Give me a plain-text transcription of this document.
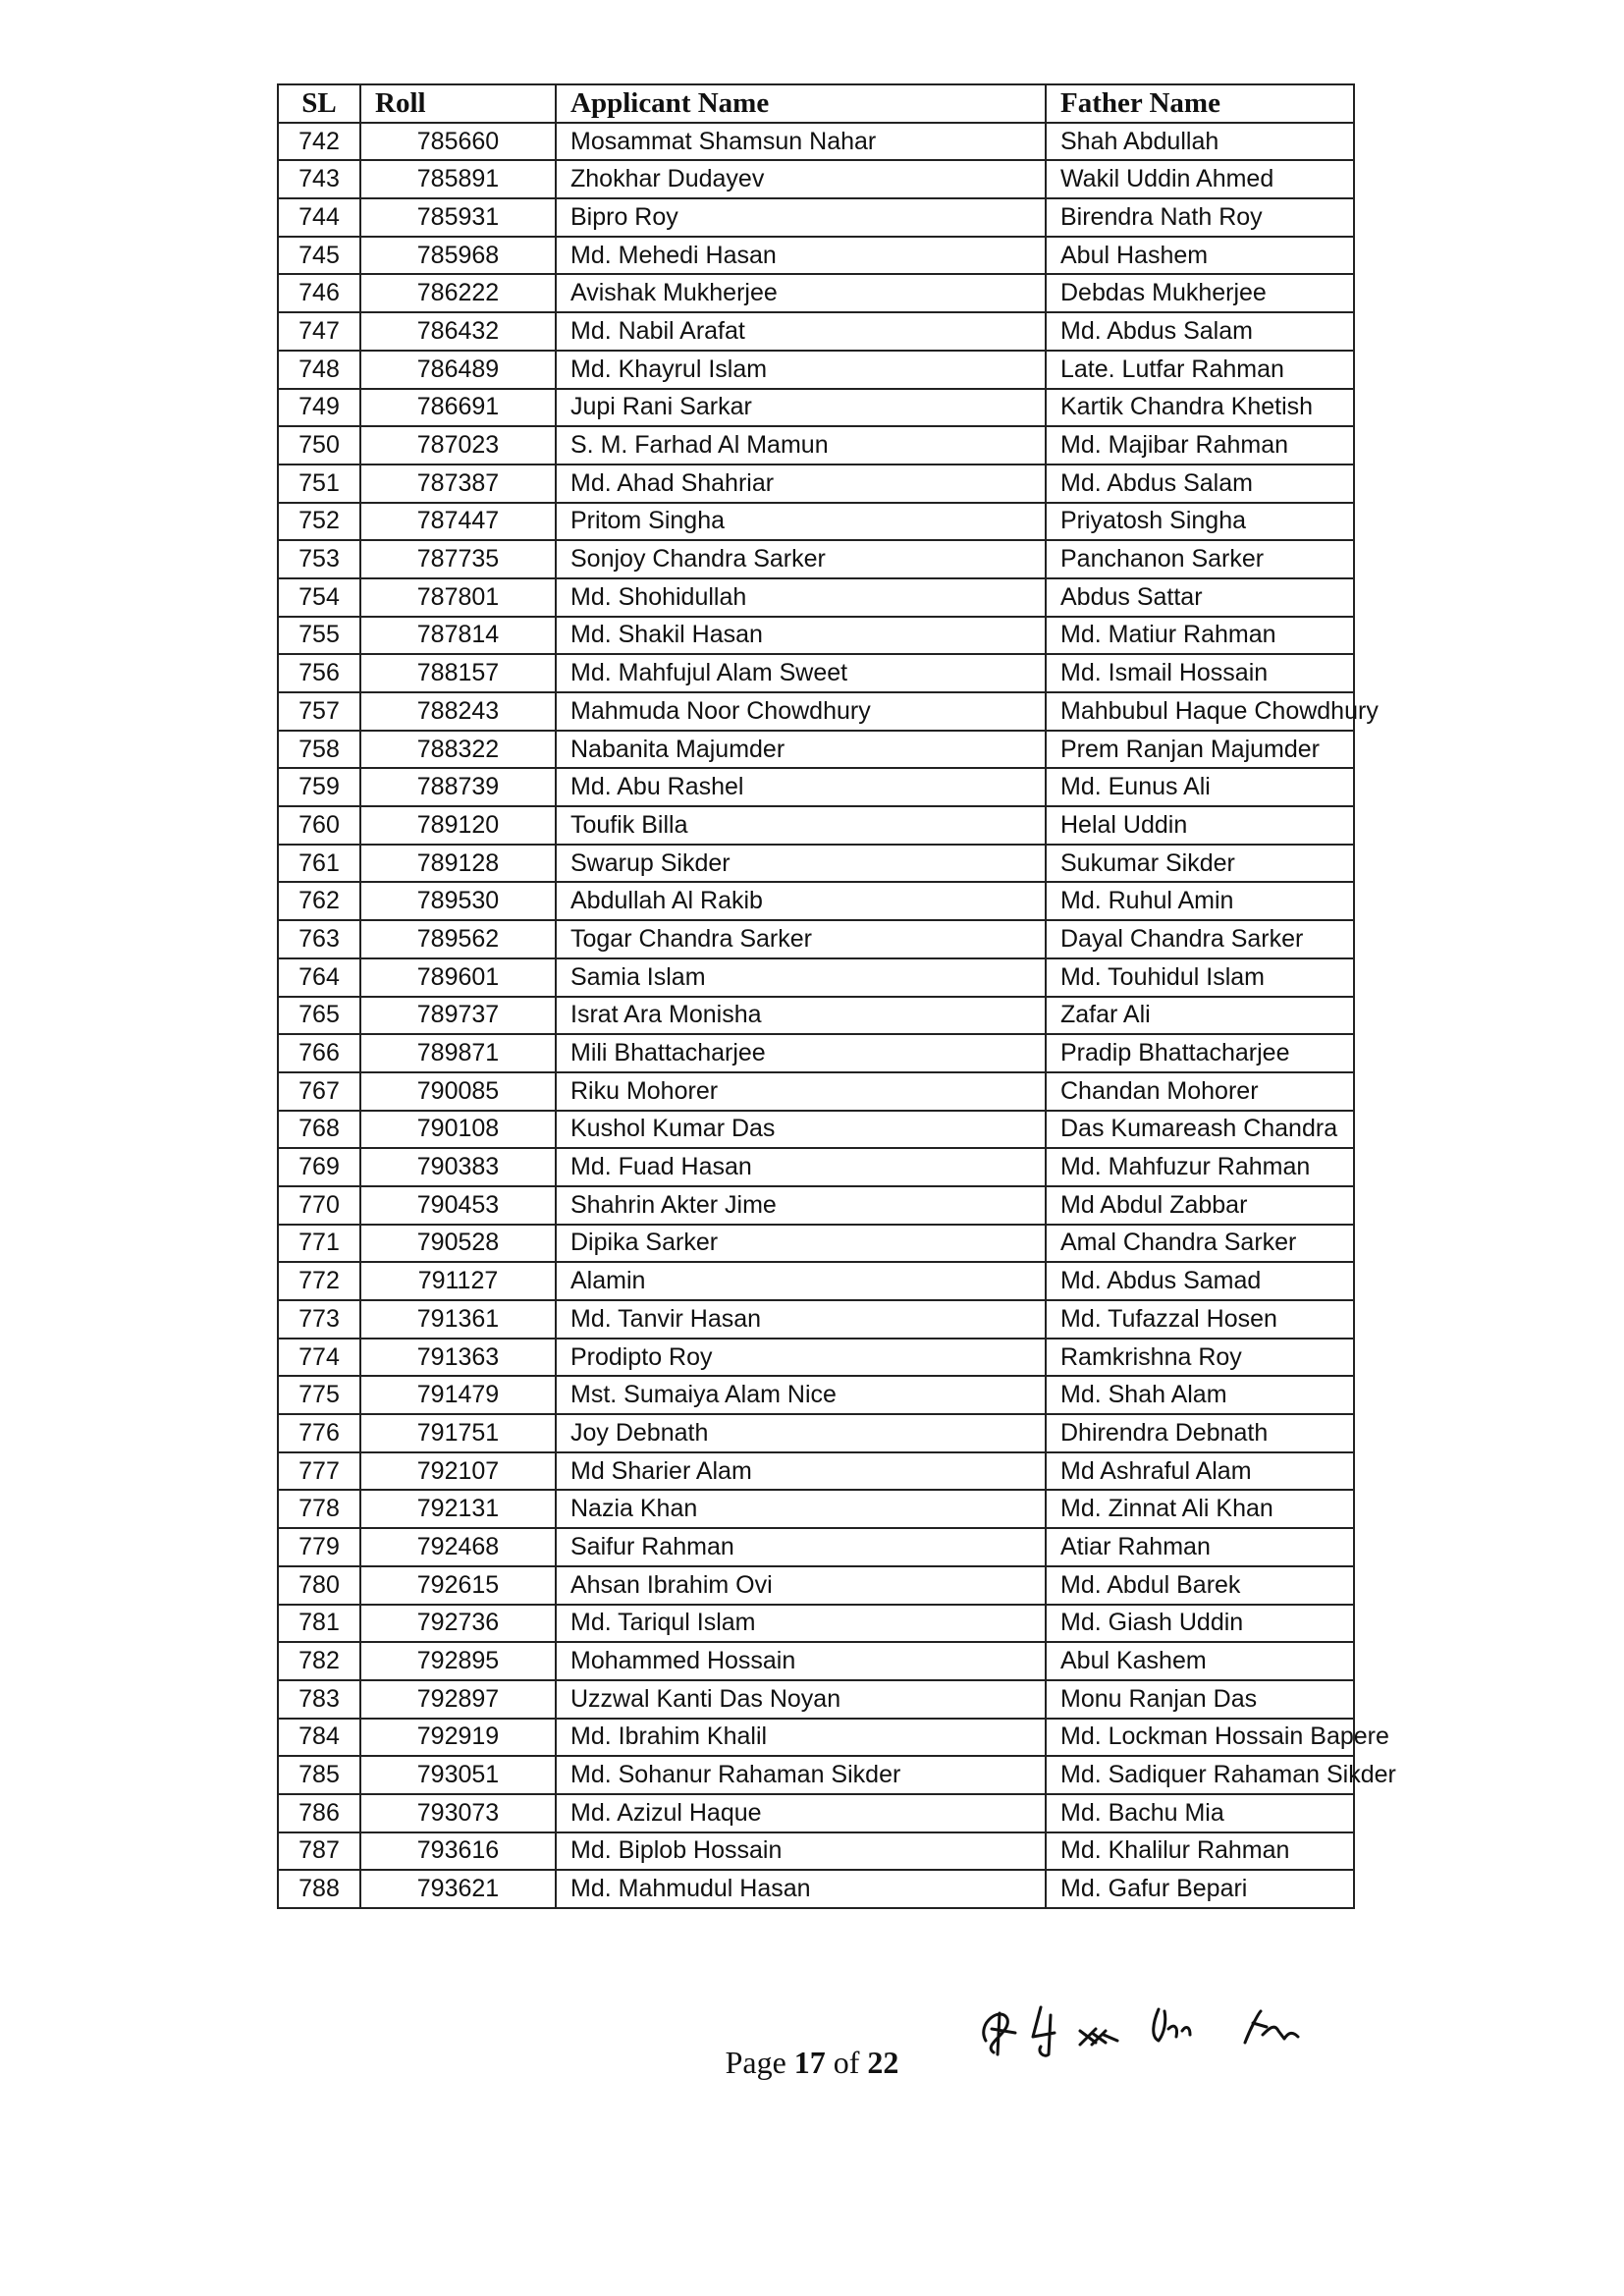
SL	Roll	Applicant Name	Father Name
742	785660	Mosammat Shamsun Nahar	Shah Abdullah
743	785891	Zhokhar Dudayev	Wakil Uddin Ahmed
744	785931	Bipro Roy	Birendra Nath Roy
745	785968	Md. Mehedi Hasan	Abul Hashem
746	786222	Avishak Mukherjee	Debdas Mukherjee
747	786432	Md. Nabil Arafat	Md. Abdus Salam
748	786489	Md. Khayrul Islam	Late. Lutfar Rahman
749	786691	Jupi Rani Sarkar	Kartik Chandra Khetish
750	787023	S. M. Farhad Al Mamun	Md. Majibar Rahman
751	787387	Md. Ahad Shahriar	Md. Abdus Salam
752	787447	Pritom Singha	Priyatosh Singha
753	787735	Sonjoy Chandra Sarker	Panchanon Sarker
754	787801	Md. Shohidullah	Abdus Sattar
755	787814	Md. Shakil Hasan	Md. Matiur Rahman
756	788157	Md. Mahfujul Alam Sweet	Md. Ismail Hossain
757	788243	Mahmuda Noor Chowdhury	Mahbubul Haque Chowdhury
758	788322	Nabanita Majumder	Prem Ranjan Majumder
759	788739	Md. Abu Rashel	Md. Eunus Ali
760	789120	Toufik Billa	Helal Uddin
761	789128	Swarup Sikder	Sukumar Sikder
762	789530	Abdullah Al Rakib	Md. Ruhul Amin
763	789562	Togar Chandra Sarker	Dayal Chandra Sarker
764	789601	Samia Islam	Md. Touhidul Islam
765	789737	Israt Ara Monisha	Zafar Ali
766	789871	Mili Bhattacharjee	Pradip Bhattacharjee
767	790085	Riku Mohorer	Chandan Mohorer
768	790108	Kushol Kumar Das	Das Kumareash Chandra
769	790383	Md. Fuad Hasan	Md. Mahfuzur Rahman
770	790453	Shahrin Akter Jime	Md Abdul Zabbar
771	790528	Dipika Sarker	Amal Chandra Sarker
772	791127	Alamin	Md. Abdus Samad
773	791361	Md. Tanvir Hasan	Md. Tufazzal Hosen
774	791363	Prodipto Roy	Ramkrishna Roy
775	791479	Mst. Sumaiya Alam Nice	Md. Shah Alam
776	791751	Joy Debnath	Dhirendra Debnath
777	792107	Md Sharier Alam	Md Ashraful Alam
778	792131	Nazia Khan	Md. Zinnat Ali Khan
779	792468	Saifur Rahman	Atiar Rahman
780	792615	Ahsan Ibrahim Ovi	Md. Abdul Barek
781	792736	Md. Tariqul Islam	Md. Giash Uddin
782	792895	Mohammed Hossain	Abul Kashem
783	792897	Uzzwal Kanti Das Noyan	Monu Ranjan Das
784	792919	Md. Ibrahim Khalil	Md. Lockman Hossain Bapere
785	793051	Md. Sohanur Rahaman Sikder	Md. Sadiquer Rahaman Sikder
786	793073	Md. Azizul Haque	Md. Bachu Mia
787	793616	Md. Biplob Hossain	Md. Khalilur Rahman
788	793621	Md. Mahmudul Hasan	Md. Gafur Bepari
Page 17 of 22
